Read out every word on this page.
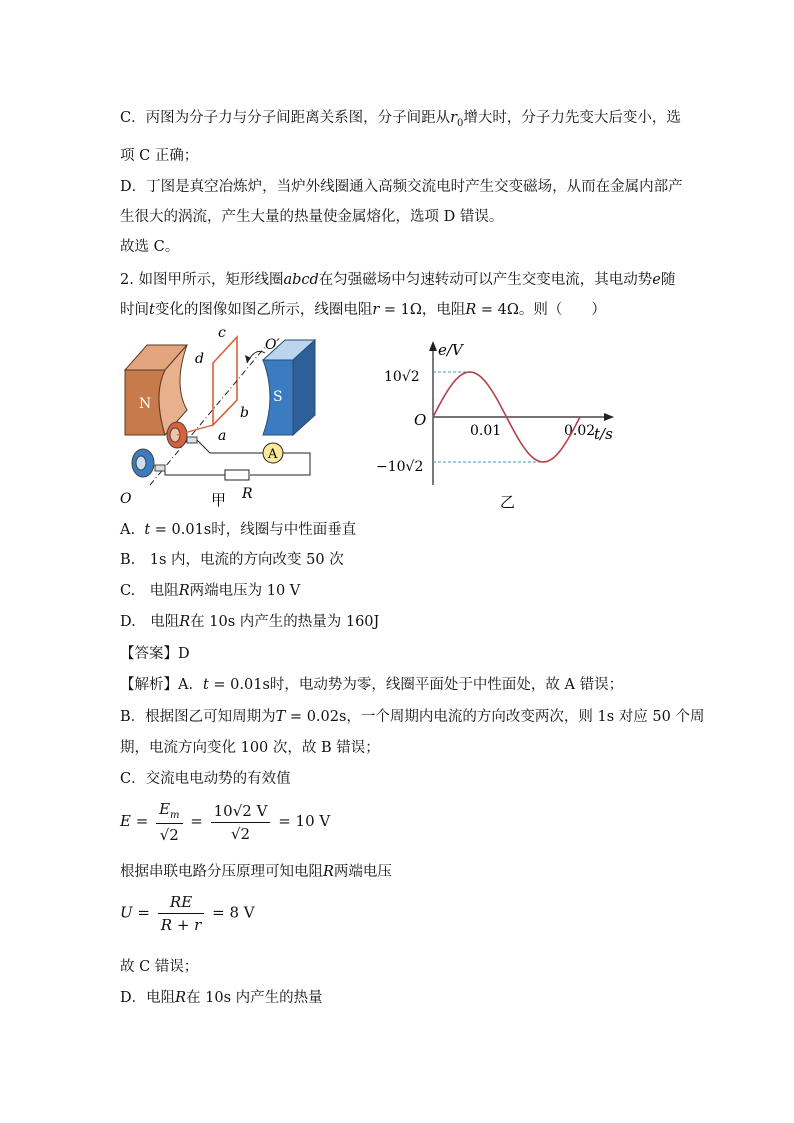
C．丙图为分子力与分子间距离关系图，分子间距从$r_0$增大时，分子力先变大后变小，选
项 C 正确；
D．丁图是真空冶炼炉，当炉外线圈通入高频交流电时产生交变磁场，从而在金属内部产
生很大的涡流，产生大量的热量使金属熔化，选项 D 错误。
故选 C。
2. 如图甲所示，矩形线圈abcd在匀强磁场中匀速转动可以产生交变电流，其电动势e随
时间t变化的图像如图乙所示，线圈电阻r = 1Ω，电阻R = 4Ω。则（　　）
N	S
c
d
b
a
O′
A
R
O	甲
e/V
t/s
O
10√2
−10√2
0.01	0.02
乙
A. t = 0.01s时，线圈与中性面垂直
B.　1s 内，电流的方向改变 50 次
C.　电阻R两端电压为 10 V
D.　电阻R在 10s 内产生的热量为 160J
【答案】D
【解析】A．t = 0.01s时，电动势为零，线圈平面处于中性面处，故 A 错误；
B．根据图乙可知周期为T = 0.02s，一个周期内电流的方向改变两次，则 1s 对应 50 个周
期，电流方向变化 100 次，故 B 错误；
C．交流电电动势的有效值
$E = \frac{E_m}{√2} = \frac{10√2 V}{√2} = 10$ V
根据串联电路分压原理可知电阻R两端电压
$U = \frac{RE}{R + r} = 8$ V
故 C 错误；
D．电阻R在 10s 内产生的热量
